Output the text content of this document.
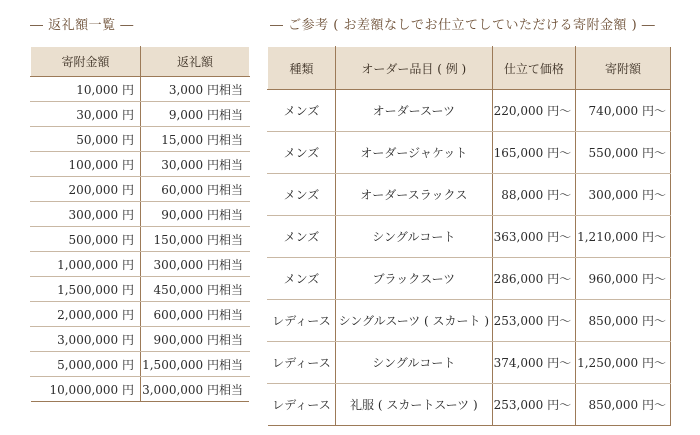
― 返礼額一覧 ―	― ご参考 ( お差額なしでお仕立てしていただける寄附金額 ) ―
寄附金額	返礼額
10,000 円	3,000 円相当
30,000 円	9,000 円相当
50,000 円	15,000 円相当
100,000 円	30,000 円相当
200,000 円	60,000 円相当
300,000 円	90,000 円相当
500,000 円	150,000 円相当
1,000,000 円	300,000 円相当
1,500,000 円	450,000 円相当
2,000,000 円	600,000 円相当
3,000,000 円	900,000 円相当
5,000,000 円	1,500,000 円相当
10,000,000 円	3,000,000 円相当
種類	オーダー品目 ( 例 )	仕立て価格	寄附額
メンズ	オーダースーツ	220,000 円〜	740,000 円〜
メンズ	オーダージャケット	165,000 円〜	550,000 円〜
メンズ	オーダースラックス	88,000 円〜	300,000 円〜
メンズ	シングルコート	363,000 円〜	1,210,000 円〜
メンズ	ブラックスーツ	286,000 円〜	960,000 円〜
レディース	シングルスーツ ( スカート )	253,000 円〜	850,000 円〜
レディース	シングルコート	374,000 円〜	1,250,000 円〜
レディース	礼服 ( スカートスーツ )	253,000 円〜	850,000 円〜
